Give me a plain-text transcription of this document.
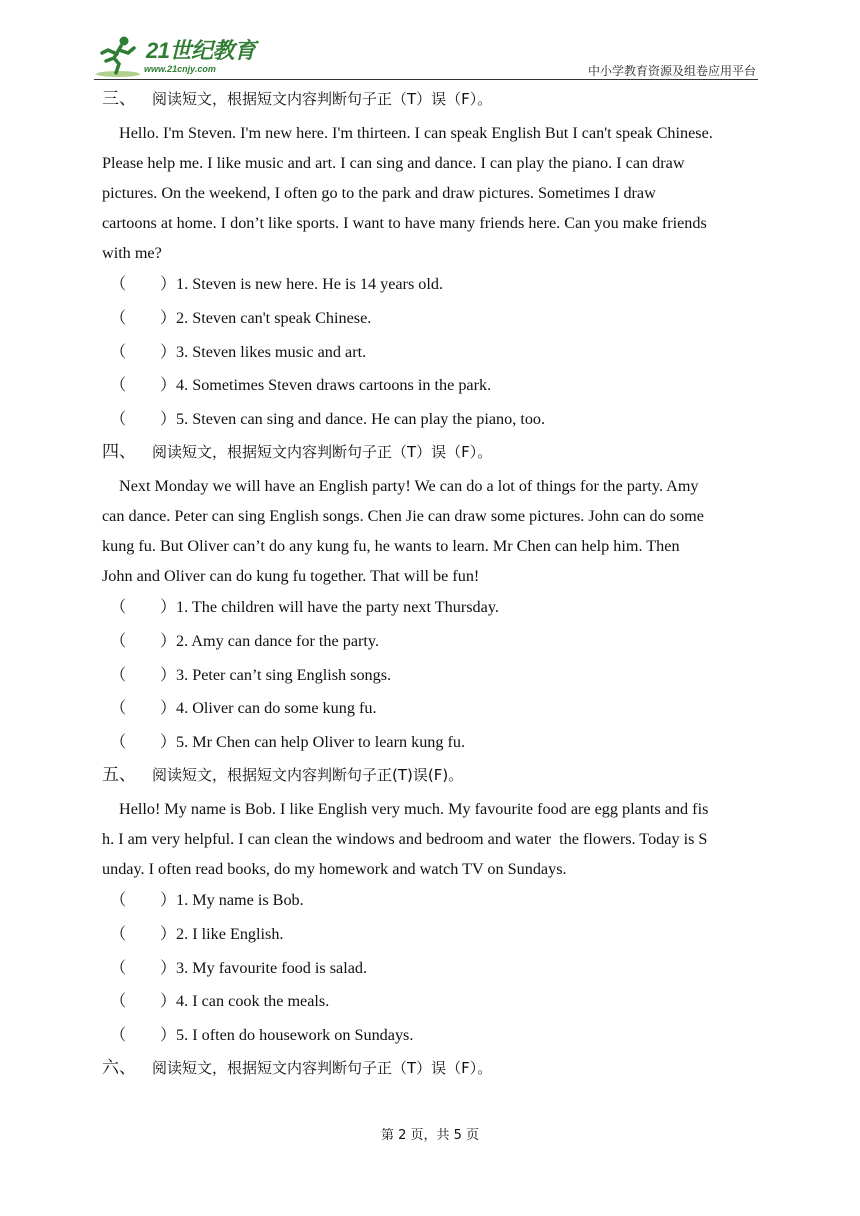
21世纪教育
www.21cnjy.com	中小学教育资源及组卷应用平台
三、 阅读短文，根据短文内容判断句子正（T）误（F）。
Hello. I'm Steven. I'm new here. I'm thirteen. I can speak English But I can't speak Chinese.
Please help me. I like music and art. I can sing and dance. I can play the piano. I can draw
pictures. On the weekend, I often go to the park and draw pictures. Sometimes I draw
cartoons at home. I don’t like sports. I want to have many friends here. Can you make friends
with me?
（ ）1. Steven is new here. He is 14 years old.
（ ）2. Steven can't speak Chinese.
（ ）3. Steven likes music and art.
（ ）4. Sometimes Steven draws cartoons in the park.
（ ）5. Steven can sing and dance. He can play the piano, too.
四、 阅读短文，根据短文内容判断句子正（T）误（F）。
Next Monday we will have an English party! We can do a lot of things for the party. Amy
can dance. Peter can sing English songs. Chen Jie can draw some pictures. John can do some
kung fu. But Oliver can’t do any kung fu, he wants to learn. Mr Chen can help him. Then
John and Oliver can do kung fu together. That will be fun!
（ ）1. The children will have the party next Thursday.
（ ）2. Amy can dance for the party.
（ ）3. Peter can’t sing English songs.
（ ）4. Oliver can do some kung fu.
（ ）5. Mr Chen can help Oliver to learn kung fu.
五、 阅读短文，根据短文内容判断句子正(T)误(F)。
Hello! My name is Bob. I like English very much. My favourite food are egg plants and fis
h. I am very helpful. I can clean the windows and bedroom and water  the flowers. Today is S
unday. I often read books, do my homework and watch TV on Sundays.
（ ）1. My name is Bob.
（ ）2. I like English.
（ ）3. My favourite food is salad.
（ ）4. I can cook the meals.
（ ）5. I often do housework on Sundays.
六、 阅读短文，根据短文内容判断句子正（T）误（F）。
第 2 页，共 5 页
